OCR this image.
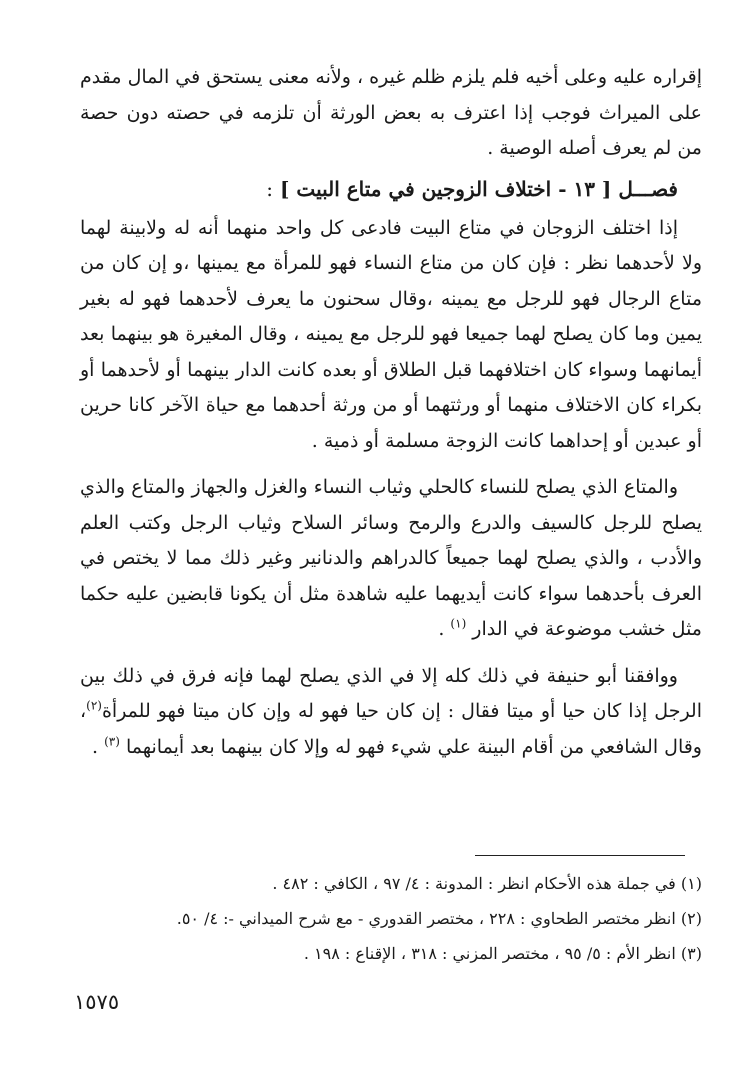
إقراره عليه وعلى أخيه فلم يلزم ظلم غيره ، ولأنه معنى يستحق في المال مقدم على الميراث فوجب إذا اعترف به بعض الورثة أن تلزمه في حصته دون حصة من لم يعرف أصله الوصية .

فصـــل [ ١٣ - اختلاف الزوجين في متاع البيت ] :

إذا اختلف الزوجان في متاع البيت فادعى كل واحد منهما أنه له ولابينة لهما ولا لأحدهما نظر : فإن كان من متاع النساء فهو للمرأة مع يمينها ،و إن كان من متاع الرجال فهو للرجل مع يمينه ،وقال سحنون ما يعرف لأحدهما فهو له بغير يمين وما كان يصلح لهما جميعا فهو للرجل مع يمينه ، وقال المغيرة هو بينهما بعد أيمانهما وسواء كان اختلافهما قبل الطلاق أو بعده كانت الدار بينهما أو لأحدهما أو بكراء كان الاختلاف منهما أو ورثتهما أو من ورثة أحدهما مع حياة الآخر كانا حرين أو عبدين أو إحداهما كانت الزوجة مسلمة أو ذمية .

والمتاع الذي يصلح للنساء كالحلي وثياب النساء والغزل والجهاز والمتاع والذي يصلح للرجل كالسيف والدرع والرمح وسائر السلاح وثياب الرجل وكتب العلم والأدب ، والذي يصلح لهما جميعاً كالدراهم والدنانير وغير ذلك مما لا يختص في العرف بأحدهما سواء كانت أيديهما عليه شاهدة مثل أن يكونا قابضين عليه حكما مثل خشب موضوعة في الدار $^{(١)}$ .

ووافقنا أبو حنيفة في ذلك كله إلا في الذي يصلح لهما فإنه فرق في ذلك بين الرجل إذا كان حيا أو ميتا فقال : إن كان حيا فهو له وإن كان ميتا فهو للمرأة$^{(٢)}$، وقال الشافعي من أقام البينة علي شيء فهو له وإلا كان بينهما بعد أيمانهما $^{(٣)}$ .

(١) في جملة هذه الأحكام انظر : المدونة : ٤/ ٩٧ ، الكافي : ٤٨٢ .

(٢) انظر مختصر الطحاوي : ٢٢٨ ، مختصر القدوري - مع شرح الميداني -: ٤/ ٥٠.

(٣) انظر الأم : ٥/ ٩٥ ، مختصر المزني : ٣١٨ ، الإقناع : ١٩٨ .

١٥٧٥
